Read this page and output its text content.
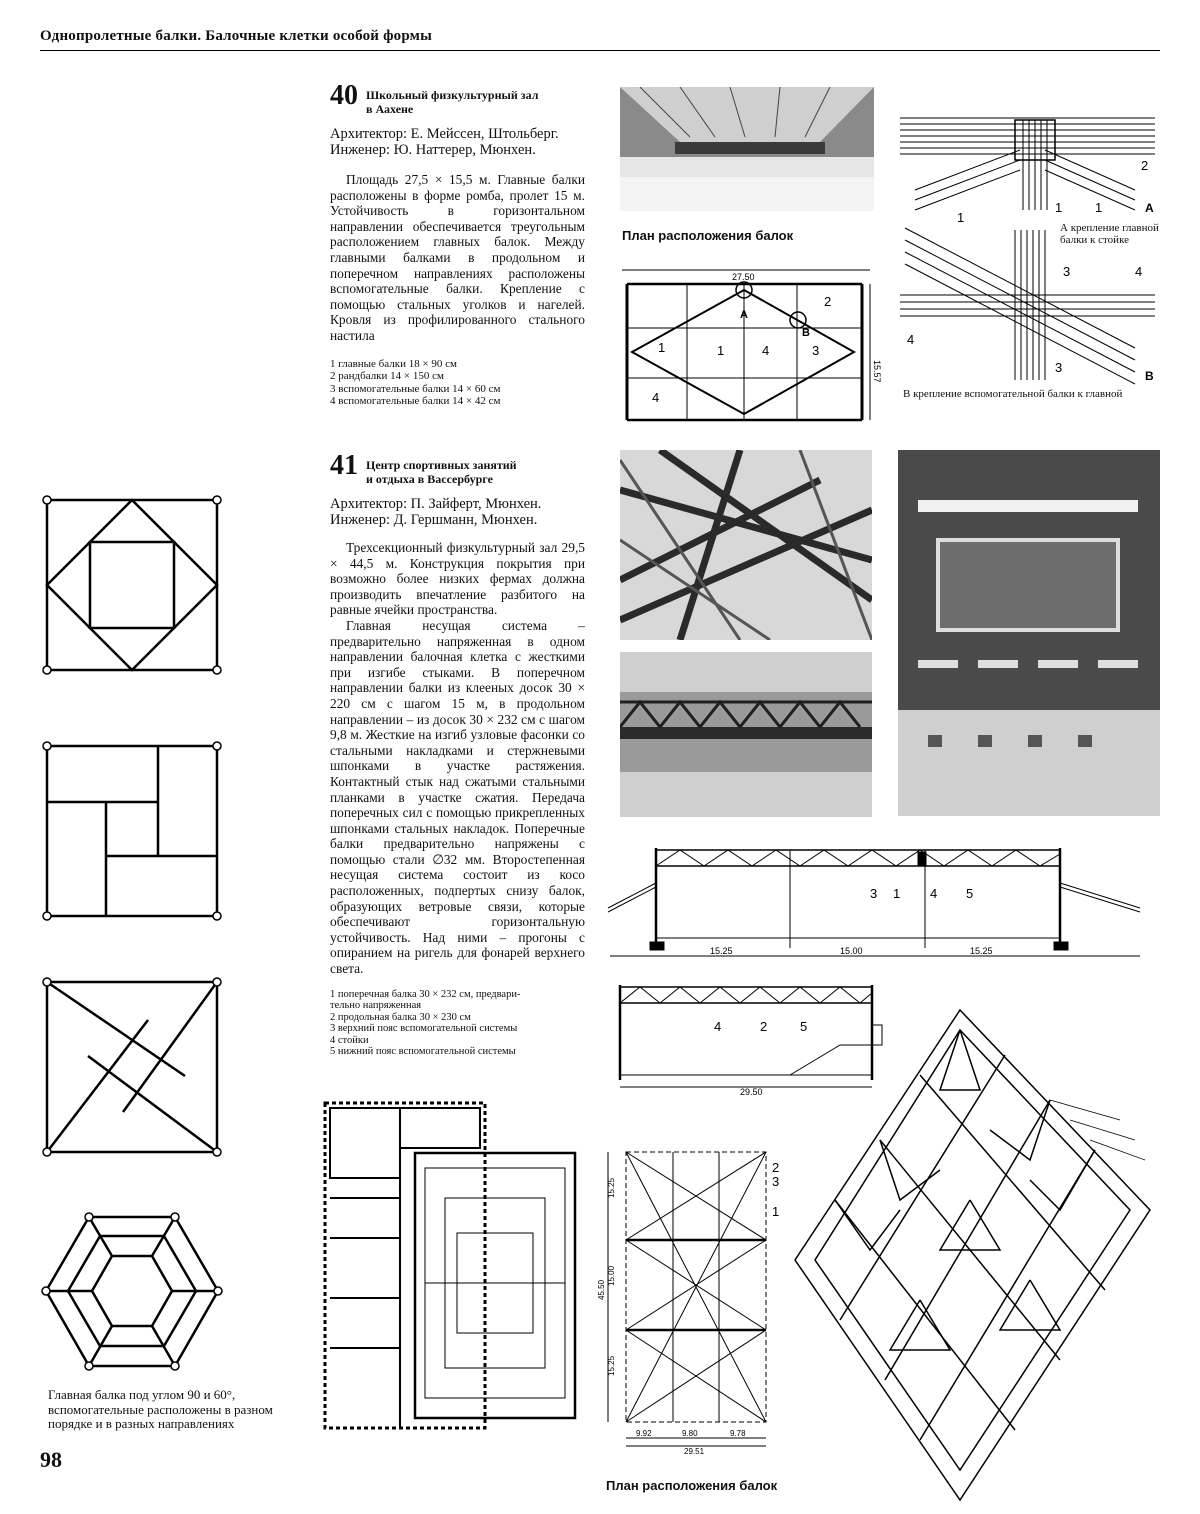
Однопролетные балки. Балочные клетки особой формы
Главная балка под углом 90 и 60°, вспомогательные расположены в разном порядке и в разных направлениях
40 Школьный физкультурный зал
в Аахене
Архитектор: Е. Мейссен, Штольберг.
Инженер: Ю. Наттерер, Мюнхен.
Площадь 27,5 × 15,5 м. Главные балки расположены в форме ромба, пролет 15 м. Устойчивость в горизонтальном направлении обеспечивается треугольным расположением главных балок. Между главными балками в продольном и поперечном направлениях расположены вспомогательные балки. Крепление с помощью стальных уголков и нагелей. Кровля из профилированного стального настила
1 главные балки 18 × 90 см
2 рандбалки 14 × 150 см
3 вспомогательные балки 14 × 60 см
4 вспомогательные балки 14 × 42 см
41 Центр спортивных занятий
и отдыха в Вассербурге
Архитектор: П. Зайферт, Мюнхен.
Инженер: Д. Гершманн, Мюнхен.
Трехсекционный физкультурный зал 29,5 × 44,5 м. Конструкция покрытия при возможно более низких фермах должна производить впечатление разбитого на равные ячейки пространства.
Главная несущая система – предварительно напряженная в одном направлении балочная клетка с жесткими при изгибе стыками. В поперечном направлении балки из клееных досок 30 × 220 см с шагом 15 м, в продольном направлении – из досок 30 × 232 см с шагом 9,8 м. Жесткие на изгиб узловые фасонки со стальными накладками и стержневыми шпонками в участке растяжения. Контактный стык над сжатыми стальными планками в участке сжатия. Передача поперечных сил с помощью прикрепленных шпонками стальных накладок. Поперечные балки предварительно напряжены с помощью стали ∅32 мм. Второстепенная несущая система состоит из косо расположенных, подпертых снизу балок, образующих ветровые связи, которые обеспечивают горизонтальную устойчивость. Над ними – прогоны с опиранием на ригель для фонарей верхнего света.
1 поперечная балка 30 × 232 см, предвари-
тельно напряженная
2 продольная балка 30 × 230 см
3 верхний пояс вспомогательной системы
4 стойки
5 нижний пояс вспомогательной системы
План расположения балок
27.50
15.57
A
B
1	1
2
4	3
4
2
1	1	A
1
3	4
4
3
B
А крепление главной балки к стойке
В крепление вспомогательной балки к главной
3 1 4 5
15.25	15.00	15.25
4	2	5
29.50
2
3
1
15.25
15.00
15.25
45.50
9.92	9.80	9.78
29.51
План расположения балок
98
